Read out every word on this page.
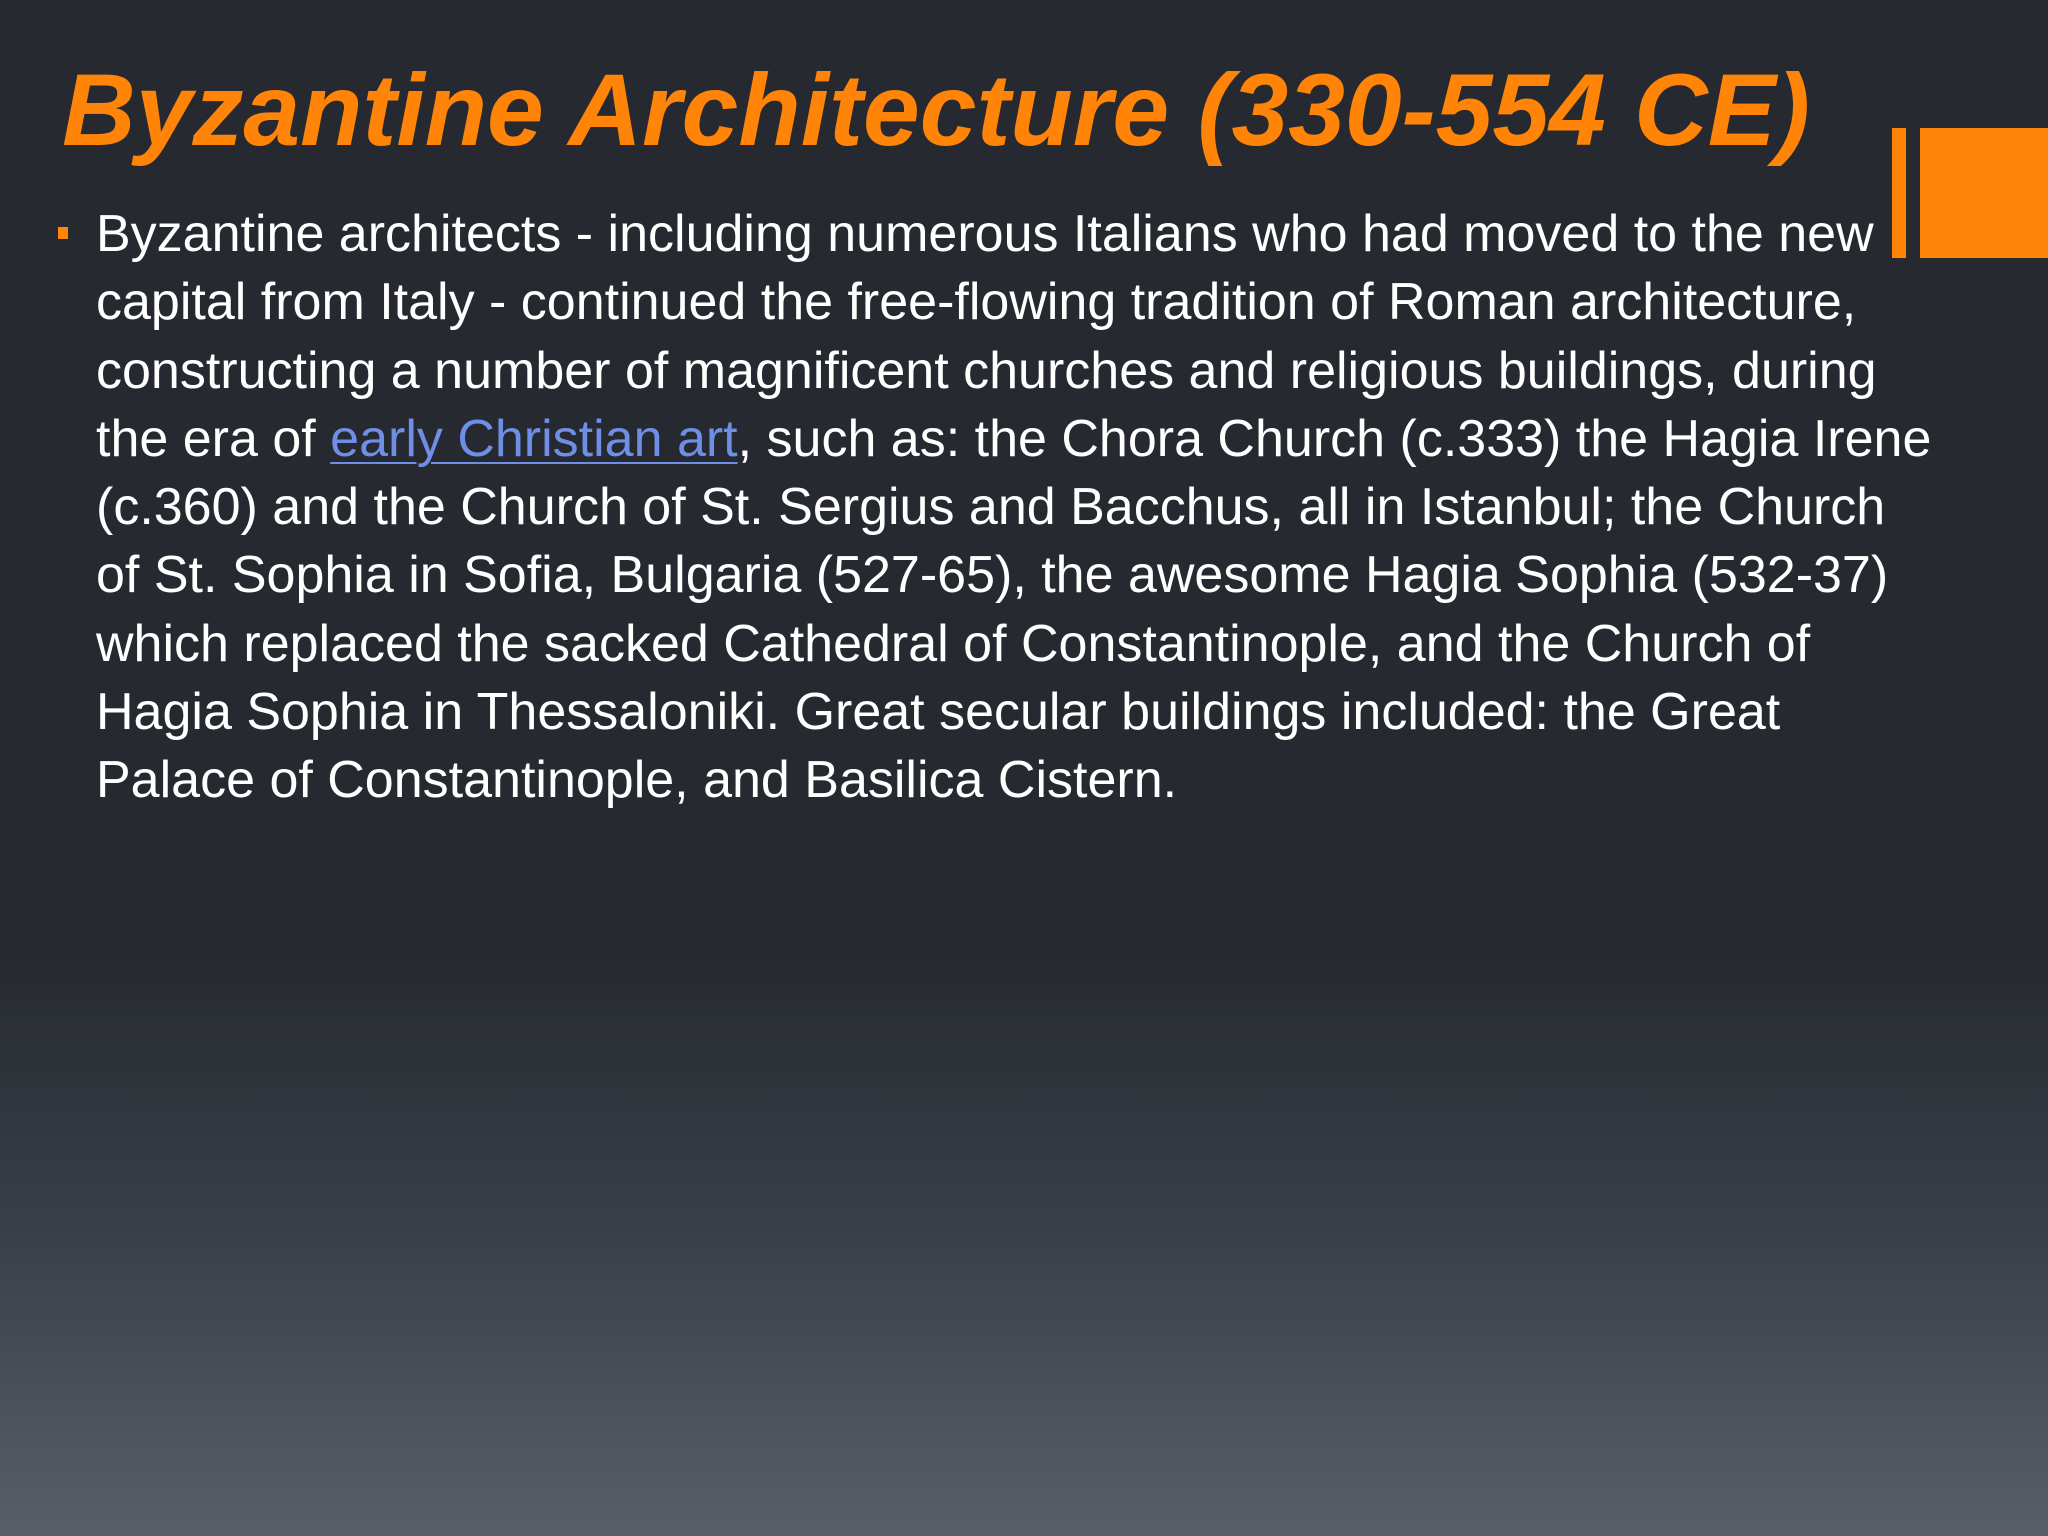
Byzantine Architecture (330-554 CE)
Byzantine architects - including numerous Italians who had moved to the new capital from Italy - continued the free-flowing tradition of Roman architecture, constructing a number of magnificent churches and religious buildings, during the era of early Christian art, such as: the Chora Church (c.333) the Hagia Irene (c.360) and the Church of St. Sergius and Bacchus, all in Istanbul; the Church of St. Sophia in Sofia, Bulgaria (527-65), the awesome Hagia Sophia (532-37) which replaced the sacked Cathedral of Constantinople, and the Church of Hagia Sophia in Thessaloniki. Great secular buildings included: the Great Palace of Constantinople, and Basilica Cistern.
